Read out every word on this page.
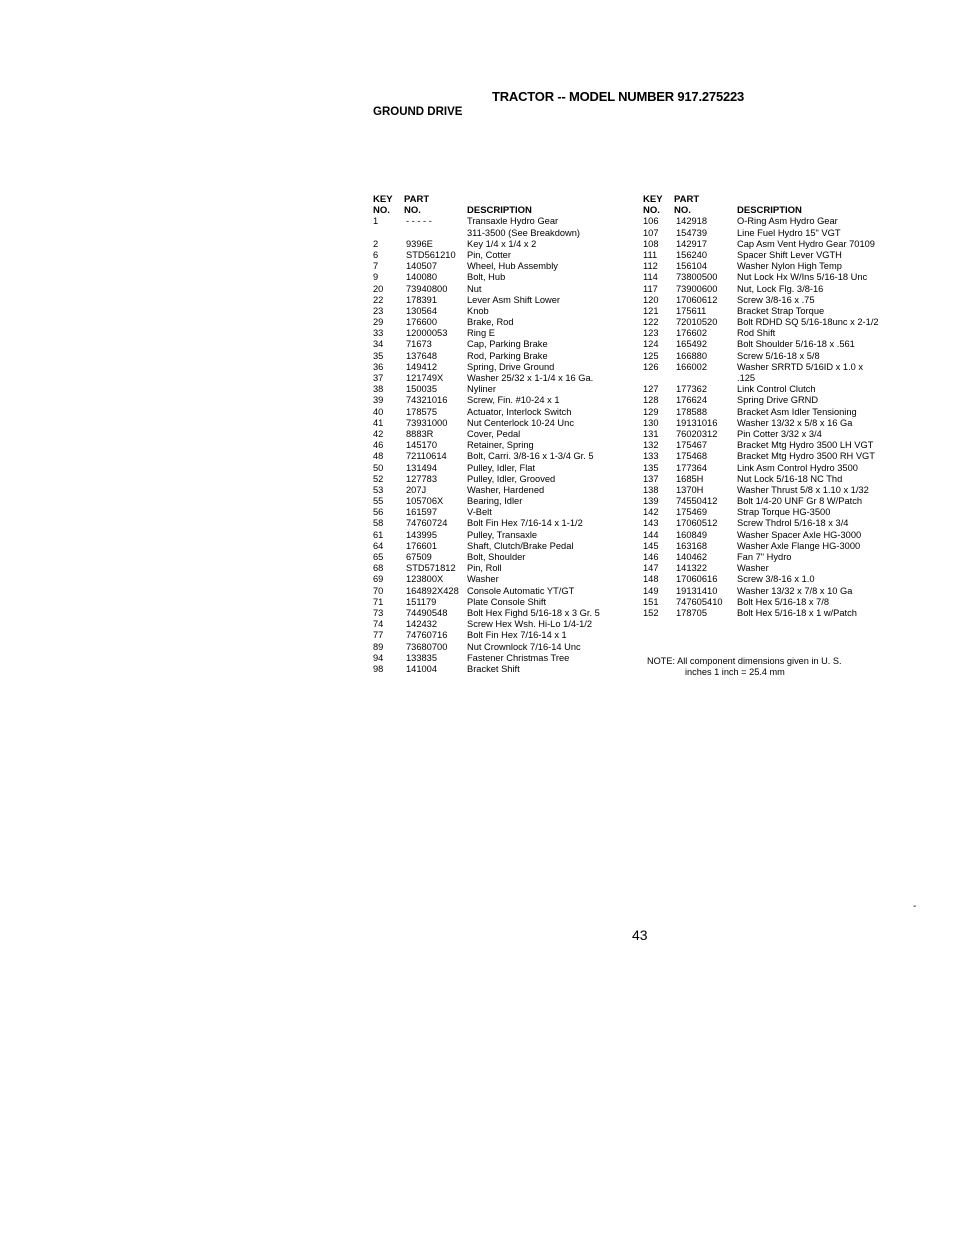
TRACTOR -- MODEL NUMBER 917.275223
GROUND DRIVE
KEY
NO.
PART
NO.	DESCRIPTION
1	- - - - -	Transaxle Hydro Gear
311-3500 (See Breakdown)
2	9396E	Key 1/4 x 1/4 x 2
6	STD561210 Pin, Cotter
7	140507	Wheel, Hub Assembly
9	140080	Bolt, Hub
20 73940800 Nut
22 178391	Lever Asm Shift Lower
23 130564	Knob
29 176600	Brake, Rod
33 12000053 Ring E
34 71673	Cap, Parking Brake
35 137648	Rod, Parking Brake
36 149412	Spring, Drive Ground
37 121749X	Washer 25/32 x 1-1/4 x 16 Ga.
38 150035	Nyliner
39 74321016 Screw, Fin. #10-24 x 1
40 178575	Actuator, Interlock Switch
41 73931000 Nut Centerlock 10-24 Unc
42 8883R	Cover, Pedal
46 145170	Retainer, Spring
48 72110614 Bolt, Carri. 3/8-16 x 1-3/4 Gr. 5
50 131494	Pulley, Idler, Flat
52 127783	Pulley, Idler, Grooved
53 207J	Washer, Hardened
55 105706X	Bearing, Idler
56 161597	V-Belt
58 74760724 Bolt Fin Hex 7/16-14 x 1-1/2
61 143995	Pulley, Transaxle
64 176601	Shaft, Clutch/Brake Pedal
65 67509	Bolt, Shoulder
68 STD571812 Pin, Roll
69 123800X	Washer
70 164892X428 Console Automatic YT/GT
71 151179	Plate Console Shift
73 74490548 Bolt Hex Fighd 5/16-18 x 3 Gr. 5
74 142432	Screw Hex Wsh. Hi-Lo 1/4-1/2
77 74760716 Bolt Fin Hex 7/16-14 x 1
89 73680700 Nut Crownlock 7/16-14 Unc
94 133835	Fastener Christmas Tree
98 141004	Bracket Shift
KEY
NO.
PART
NO.	DESCRIPTION
106 142918	O-Ring Asm Hydro Gear
107 154739	Line Fuel Hydro 15" VGT
108 142917	Cap Asm Vent Hydro Gear 70109
111 156240	Spacer Shift Lever VGTH
112 156104	Washer Nylon High Temp
114 73800500 Nut Lock Hx W/Ins 5/16-18 Unc
117 73900600 Nut, Lock Flg. 3/8-16
120 17060612 Screw 3/8-16 x .75
121 175611	Bracket Strap Torque
122 72010520 Bolt RDHD SQ 5/16-18unc x 2-1/2
123 176602	Rod Shift
124 165492	Bolt Shoulder 5/16-18 x .561
125 166880	Screw 5/16-18 x 5/8
126 166002	Washer SRRTD 5/16ID x 1.0 x
.125
127 177362	Link Control Clutch
128 176624	Spring Drive GRND
129 178588	Bracket Asm Idler Tensioning
130 19131016 Washer 13/32 x 5/8 x 16 Ga
131 76020312 Pin Cotter 3/32 x 3/4
132 175467	Bracket Mtg Hydro 3500 LH VGT
133 175468	Bracket Mtg Hydro 3500 RH VGT
135 177364	Link Asm Control Hydro 3500
137 1685H	Nut Lock 5/16-18 NC Thd
138 1370H	Washer Thrust 5/8 x 1.10 x 1/32
139 74550412 Bolt 1/4-20 UNF Gr 8 W/Patch
142 175469	Strap Torque HG-3500
143 17060512 Screw Thdrol 5/16-18 x 3/4
144 160849	Washer Spacer Axle HG-3000
145 163168	Washer Axle Flange HG-3000
146 140462	Fan 7" Hydro
147 141322	Washer
148 17060616 Screw 3/8-16 x 1.0
149 19131410 Washer 13/32 x 7/8 x 10 Ga
151 747605410 Bolt Hex 5/16-18 x 7/8
152 178705	Bolt Hex 5/16-18 x 1 w/Patch
NOTE: All component dimensions given in U. S.
inches 1 inch = 25.4 mm
43
-
